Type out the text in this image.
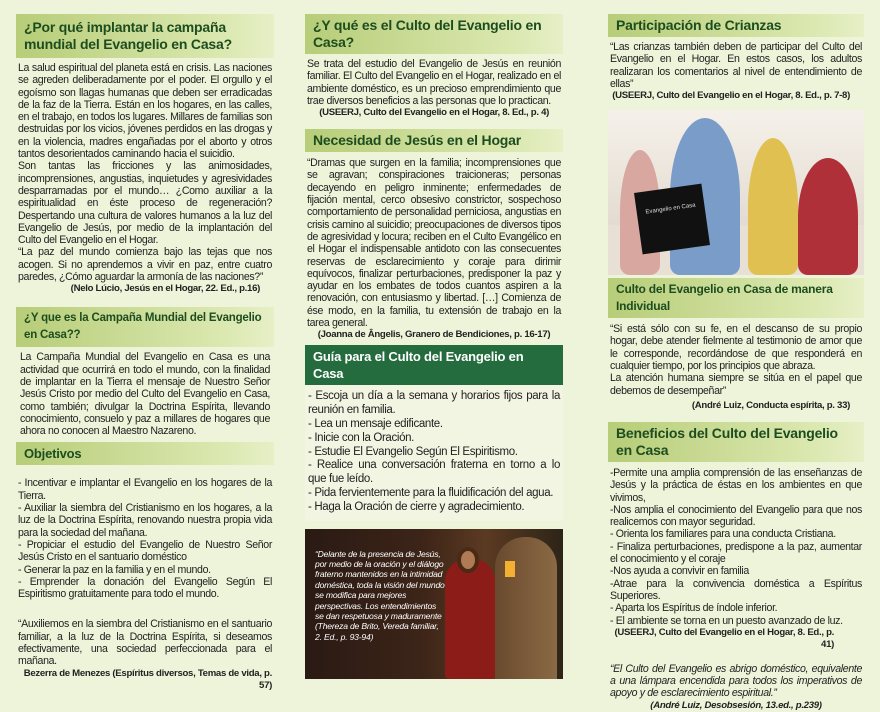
¿Por qué implantar la campaña mundial del Evangelio en Casa?

La salud espiritual del planeta está en crisis. Las naciones se agreden deliberadamente por el poder. El orgullo y el egoísmo son llagas humanas que deben ser erradicadas de la faz de la Tierra. Están en los hogares, en las calles, en el trabajo, en todos los lugares. Millares de familias son destruidas por los vicios, jóvenes perdidos en las drogas y en la violencia, madres engañadas por el aborto y otros tantos desorientados caminando hacia el suicidio.

Son tantas las fricciones y las animosidades, incomprensiones, angustias, inquietudes y agresividades desparramadas por el mundo… ¿Como auxiliar a la espiritualidad en éste proceso de regeneración? Despertando una cultura de valores humanos a la luz del Evangelio de Jesús, por medio de la implantación del Culto del Evangelio en el Hogar.

“La paz del mundo comienza bajo las tejas que nos acogen. Si no aprendemos a vivir en paz, entre cuatro paredes, ¿Cómo aguardar la armonía de las naciones?”

(Nelo Lúcio, Jesús en el Hogar, 22. Ed., p.16)
¿Y que es la Campaña Mundial del Evangelio en Casa??

La Campaña Mundial del Evangelio en Casa es una actividad que ocurrirá en todo el mundo, con la finalidad de implantar en la Tierra el mensaje de Nuestro Señor Jesús Cristo por medio del Culto del Evangelio en Casa, como también; divulgar la Doctrina Espírita, llevando conocimiento, consuelo y paz a millares de hogares que ahora no conocen al Maestro Nazareno.

Objetivos
- Incentivar e implantar el Evangelio en los hogares de la Tierra.
- Auxiliar la siembra del Cristianismo en los hogares, a la luz de la Doctrina Espírita, renovando nuestra propia vida para la sociedad del mañana.
- Propiciar el estudio del Evangelio de Nuestro Señor Jesús Cristo en el santuario doméstico
- Generar la paz en la familia y en el mundo.
- Emprender la donación del Evangelio Según El Espiritismo gratuitamente para todo el mundo.

“Auxiliemos en la siembra del Cristianismo en el santuario familiar, a la luz de la Doctrina Espírita, si deseamos efectivamente, una sociedad perfeccionada para el mañana.

Bezerra de Menezes (Espíritus diversos, Temas de vida, p. 57)
¿Y qué es el Culto del Evangelio en Casa?

Se trata del estudio del Evangelio de Jesús en reunión familiar. El Culto del Evangelio en el Hogar, realizado en el ambiente doméstico, es un precioso emprendimiento que trae diversos beneficios a las personas que lo practican.

(USEERJ, Culto del Evangelio en el Hogar, 8. Ed., p. 4)
Necesidad de Jesús en el Hogar

“Dramas que surgen en la familia; incomprensiones que se agravan; conspiraciones traicioneras; personas decayendo en peligro inminente; enfermedades de fijación mental, cerco obsesivo constrictor, sospechoso comportamiento de personalidad perniciosa, angustias en crisis camino al suicidio; preocupaciones de diversos tipos de agresividad y locura; reciben en el Culto Evangélico en el Hogar el indispensable antidoto con las consecuentes reservas de esclarecimiento y coraje para dirimir equívocos, finalizar perturbaciones, predisponer la paz y ayudar en los embates de todos cuantos aspiren a la renovación, con entusiasmo y libertad. […] Comienza de ése modo, en la familia, tu extensión de trabajo en la tarea general.

(Joanna de Ângelis, Granero de Bendiciones, p. 16-17)
Guía para el Culto del Evangelio en Casa
- Escoja un día a la semana y horarios fijos para la reunión en familia.
- Lea un mensaje edificante.
- Inicie con la Oración.
- Estudie El Evangelio Según El Espiritismo.
- Realice una conversación fraterna en torno a lo que fue leído.
- Pida fervientemente para la fluidificación del agua.
- Haga la Oración de cierre y agradecimiento.
“Delante de la presencia de Jesús, por medio de la oración y el diálogo fraterno mantenidos en la intimidad doméstica, toda la visión del mundo se modifica para mejores perspectivas. Los entendimientos se dan respetuosa y maduramente (Thereza de Brito, Vereda familiar, 2. Ed., p. 93-94)
Participación de Crianzas

“Las crianzas también deben de participar del Culto del Evangelio en el Hogar. En estos casos, los adultos realizaran los comentarios al nivel de entendimiento de ellas”

(USEERJ, Culto del Evangelio en el Hogar, 8. Ed., p. 7-8)
Evangelio en Casa
Culto del Evangelio en Casa de manera Individual

“Si está sólo con su fe, en el descanso de su propio hogar, debe atender fielmente al testimonio de amor que le corresponde, recordándose de que responderá en cualquier tiempo, por los principios que abraza.

La atención humana siempre se sitúa en el papel que debemos de desempeñar”

(André Luiz, Conducta espírita, p. 33)
Beneficios del Culto del Evangelio en Casa
-Permite una amplia comprensión de las enseñanzas de Jesús y la práctica de éstas en los ambientes en que vivimos,
-Nos amplia el conocimiento del Evangelio para que nos realicemos con mayor seguridad.
- Orienta los familiares para una conducta Cristiana.
- Finaliza perturbaciones, predispone a la paz, aumentar el conocimiento y el coraje
-Nos ayuda a convivir en familia
-Atrae para la convivencia doméstica a Espíritus Superiores.
- Aparta los Espíritus de índole inferior.
- El ambiente se torna en un puesto avanzado de luz.
(USEERJ, Culto del Evangelio en el Hogar, 8. Ed., p. 41)

“El Culto del Evangelio es abrigo doméstico, equivalente a una lámpara encendida para todos los imperativos de apoyo y de esclarecimiento espiritual.”

(André Luiz, Desobsesión, 13.ed., p.239)
